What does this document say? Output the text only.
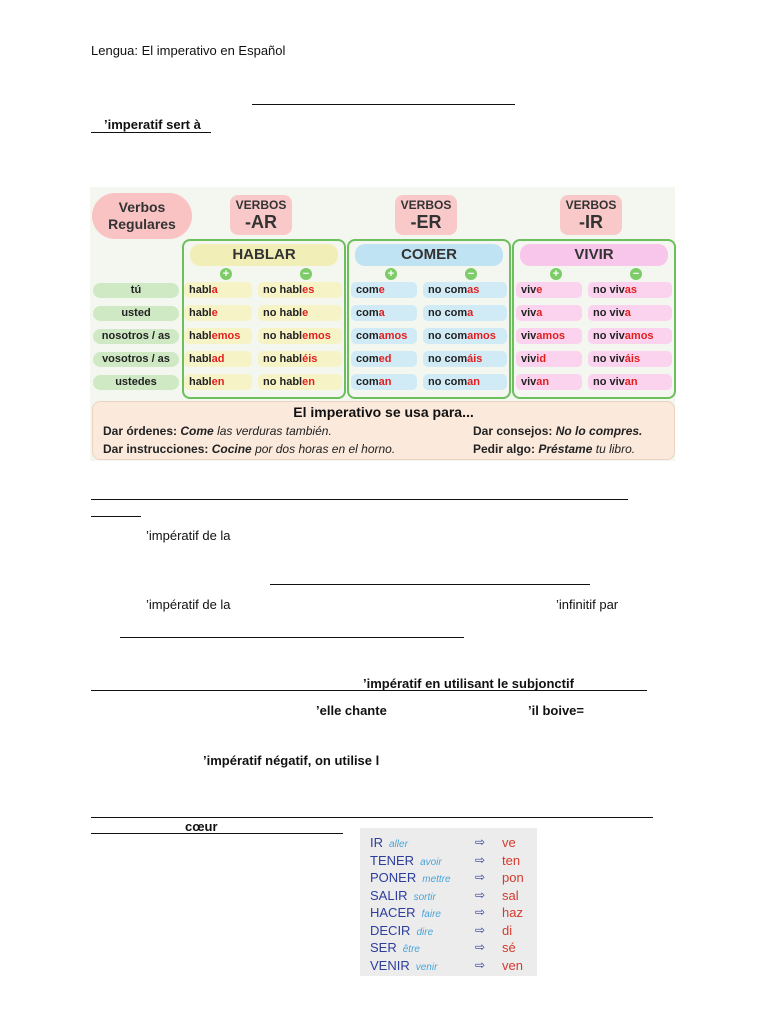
Lengua: El imperativo en Español
’imperatif sert à
Verbos
Regulares
VERBOS
-AR
HABLAR
+	−
VERBOS
-ER
COMER
+	−
VERBOS
-IR
VIVIR
+	−
tú
usted
nosotros / as
vosotros / as
ustedes
habla	no hables	come	no comas	vive	no vivas
hable	no hable	coma	no coma	viva	no viva
hablemos	no hablemos	comamos	no comamos	vivamos	no vivamos
hablad	no habléis	comed	no comáis	vivid	no viváis
hablen	no hablen	coman	no coman	vivan	no vivan
El imperativo se usa para...
Dar órdenes: Come las verduras también.	Dar consejos: No lo compres.
Dar instrucciones: Cocine por dos horas en el horno.	Pedir algo: Préstame tu libro.
’impératif de la
’impératif de la	’infinitif par
’impératif en utilisant le subjonctif
’elle chante	’il boive=
’impératif négatif, on utilise l
cœur
IR aller	⇨ ve
TENER avoir	⇨ ten
PONER mettre ⇨ pon
SALIR sortir	⇨ sal
HACER faire	⇨ haz
DECIR dire	⇨ di
SER être	⇨ sé
VENIR venir	⇨ ven
